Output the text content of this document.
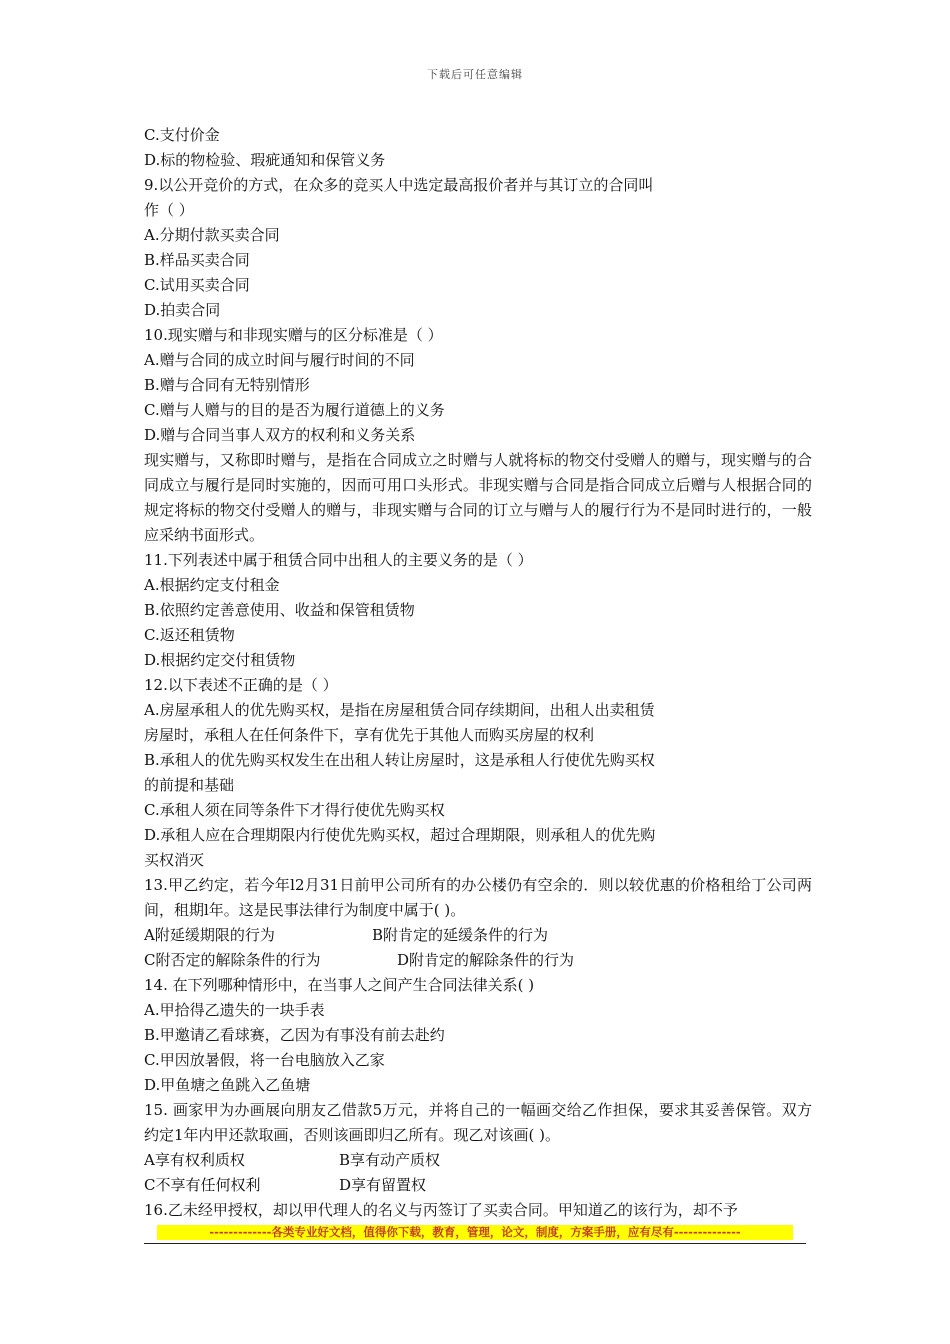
下载后可任意编辑
C.支付价金
D.标的物检验、瑕疵通知和保管义务
9.以公开竞价的方式，在众多的竞买人中选定最高报价者并与其订立的合同叫
作（ ）
A.分期付款买卖合同
B.样品买卖合同
C.试用买卖合同
D.拍卖合同
10.现实赠与和非现实赠与的区分标准是（ ）
A.赠与合同的成立时间与履行时间的不同
B.赠与合同有无特别情形
C.赠与人赠与的目的是否为履行道德上的义务
D.赠与合同当事人双方的权利和义务关系
现实赠与，又称即时赠与，是指在合同成立之时赠与人就将标的物交付受赠人的赠与，现实赠与的合同成立与履行是同时实施的，因而可用口头形式。非现实赠与合同是指合同成立后赠与人根据合同的规定将标的物交付受赠人的赠与，非现实赠与合同的订立与赠与人的履行行为不是同时进行的，一般应采纳书面形式。
11.下列表述中属于租赁合同中出租人的主要义务的是（ ）
A.根据约定支付租金
B.依照约定善意使用、收益和保管租赁物
C.返还租赁物
D.根据约定交付租赁物
12.以下表述不正确的是（ ）
A.房屋承租人的优先购买权，是指在房屋租赁合同存续期间，出租人出卖租赁
房屋时，承租人在任何条件下，享有优先于其他人而购买房屋的权利
B.承租人的优先购买权发生在出租人转让房屋时，这是承租人行使优先购买权
的前提和基础
C.承租人须在同等条件下才得行使优先购买权
D.承租人应在合理期限内行使优先购买权，超过合理期限，则承租人的优先购
买权消灭
13.甲乙约定，若今年l2月31日前甲公司所有的办公楼仍有空余的．则以较优惠的价格租给丁公司两间，租期l年。这是民事法律行为制度中属于( )。
A附延缓期限的行为	B附肯定的延缓条件的行为
C附否定的解除条件的行为	D附肯定的解除条件的行为
14. 在下列哪种情形中，在当事人之间产生合同法律关系( )
A.甲拾得乙遗失的一块手表
B.甲邀请乙看球赛，乙因为有事没有前去赴约
C.甲因放暑假，将一台电脑放入乙家
D.甲鱼塘之鱼跳入乙鱼塘
15. 画家甲为办画展向朋友乙借款5万元，并将自己的一幅画交给乙作担保，要求其妥善保管。双方约定1年内甲还款取画，否则该画即归乙所有。现乙对该画( )。
A享有权利质权	B享有动产质权
C不享有任何权利	D享有留置权
16.乙未经甲授权，却以甲代理人的名义与丙签订了买卖合同。甲知道乙的该行为，却不予
-------------各类专业好文档，值得你下载，教育，管理，论文，制度，方案手册，应有尽有--------------
